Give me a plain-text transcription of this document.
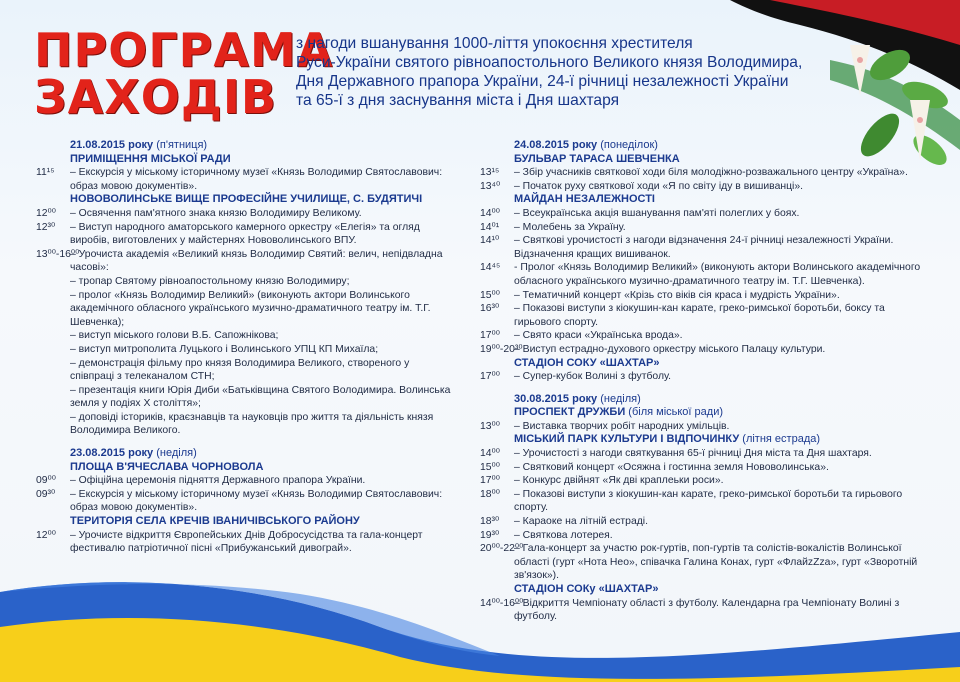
ПРОГРАМА
ЗАХОДІВ
з нагоди вшанування 1000-ліття упокоєння хрестителя
Руси-України святого рівноапостольного Великого князя Володимира,
Дня Державного прапора України, 24-ї річниці незалежності України
та 65-ї з дня заснування міста і Дня шахтаря
21.08.2015 року (п'ятниця)
ПРИМІЩЕННЯ МІСЬКОЇ РАДИ
11¹⁵ – Екскурсія у міському історичному музеї «Князь Володимир Святославович: образ мовою документів».
НОВОВОЛИНСЬКЕ ВИЩЕ ПРОФЕСІЙНЕ УЧИЛИЩЕ, С. БУДЯТИЧІ
12⁰⁰ – Освячення пам'ятного знака князю Володимиру Великому.
12³⁰ – Виступ народного аматорського камерного оркестру «Елегія» та огляд виробів, виготовлених у майстернях Нововолинського ВПУ.
13⁰⁰-16⁰⁰– Урочиста академія «Великий князь Володимир Святий: велич, непідвладна часові»:
– тропар Святому рівноапостольному князю Володимиру;
– пролог «Князь Володимир Великий» (виконують актори Волинського академічного обласного українського музично-драматичного театру ім. Т.Г. Шевченка);
– виступ міського голови В.Б. Сапожнікова;
– виступ митрополита Луцького і Волинського УПЦ КП Михаїла;
– демонстрація фільму про князя Володимира Великого, створеного у співпраці з телеканалом СТН;
– презентація книги Юрія Диби «Батьківщина Святого Володимира. Волинська земля у подіях Х століття»;
– доповіді істориків, краєзнавців та науковців про життя та діяльність князя Володимира Великого.
23.08.2015 року (неділя)
ПЛОЩА В'ЯЧЕСЛАВА ЧОРНОВОЛА
09⁰⁰ – Офіційна церемонія підняття Державного прапора України.
09³⁰ – Екскурсія у міському історичному музеї «Князь Володимир Святославович: образ мовою документів».
ТЕРИТОРІЯ СЕЛА КРЕЧІВ ІВАНИЧІВСЬКОГО РАЙОНУ
12⁰⁰ – Урочисте відкриття Європейських Днів Добросусідства та гала-концерт фестивалю патріотичної пісні «Прибужанський дивограй».
24.08.2015 року (понеділок)
БУЛЬВАР ТАРАСА ШЕВЧЕНКА
13¹⁵ – Збір учасників святкової ходи біля молодіжно-розважального центру «Україна».
13⁴⁰ – Початок руху святкової ходи «Я по світу іду в вишиванці».
МАЙДАН НЕЗАЛЕЖНОСТІ
14⁰⁰ – Всеукраїнська акція вшанування пам'яті полеглих у боях.
14⁰¹ – Молебень за Україну.
14¹⁰ – Святкові урочистості з нагоди відзначення 24-ї річниці незалежності України. Відзначення кращих вишиванок.
14⁴⁵ - Пролог «Князь Володимир Великий» (виконують актори Волинського академічного обласного українського музично-драматичного театру ім. Т.Г. Шевченка).
15⁰⁰ – Тематичний концерт «Крізь сто віків сія краса і мудрість України».
16³⁰ – Показові виступи з кіокушин-кан карате, греко-римської боротьби, боксу та гирьового спорту.
17⁰⁰ – Свято краси «Українська врода».
19⁰⁰-20³⁰– Виступ естрадно-духового оркестру міського Палацу культури.
СТАДІОН СОКУ «ШАХТАР»
17⁰⁰ – Супер-кубок Волині з футболу.
30.08.2015 року (неділя)
ПРОСПЕКТ ДРУЖБИ (біля міської ради)
13⁰⁰ – Виставка творчих робіт народних умільців.
МІСЬКИЙ ПАРК КУЛЬТУРИ І ВІДПОЧИНКУ (літня естрада)
14⁰⁰ – Урочистості з нагоди святкування 65-ї річниці Дня міста та Дня шахтаря.
15⁰⁰ – Святковий концерт «Осяжна і гостинна земля Нововолинська».
17⁰⁰ – Конкурс двійнят «Як дві краплеьки роси».
18⁰⁰ – Показові виступи з кіокушин-кан карате, греко-римської боротьби та гирьового спорту.
18³⁰ – Караоке на літній естраді.
19³⁰ – Святкова лотерея.
20⁰⁰-22⁰⁰– Гала-концерт за участю рок-гуртів, поп-гуртів та солістів-вокалістів Волинської області (гурт «Нота Нео», співачка Галина Конах, гурт «ФлайzZza», гурт «Зворотній зв'язок»).
СТАДІОН СОКу «ШАХТАР»
14⁰⁰-16⁰⁰– Відкриття Чемпіонату області з футболу. Календарна гра Чемпіонату Волині з футболу.
